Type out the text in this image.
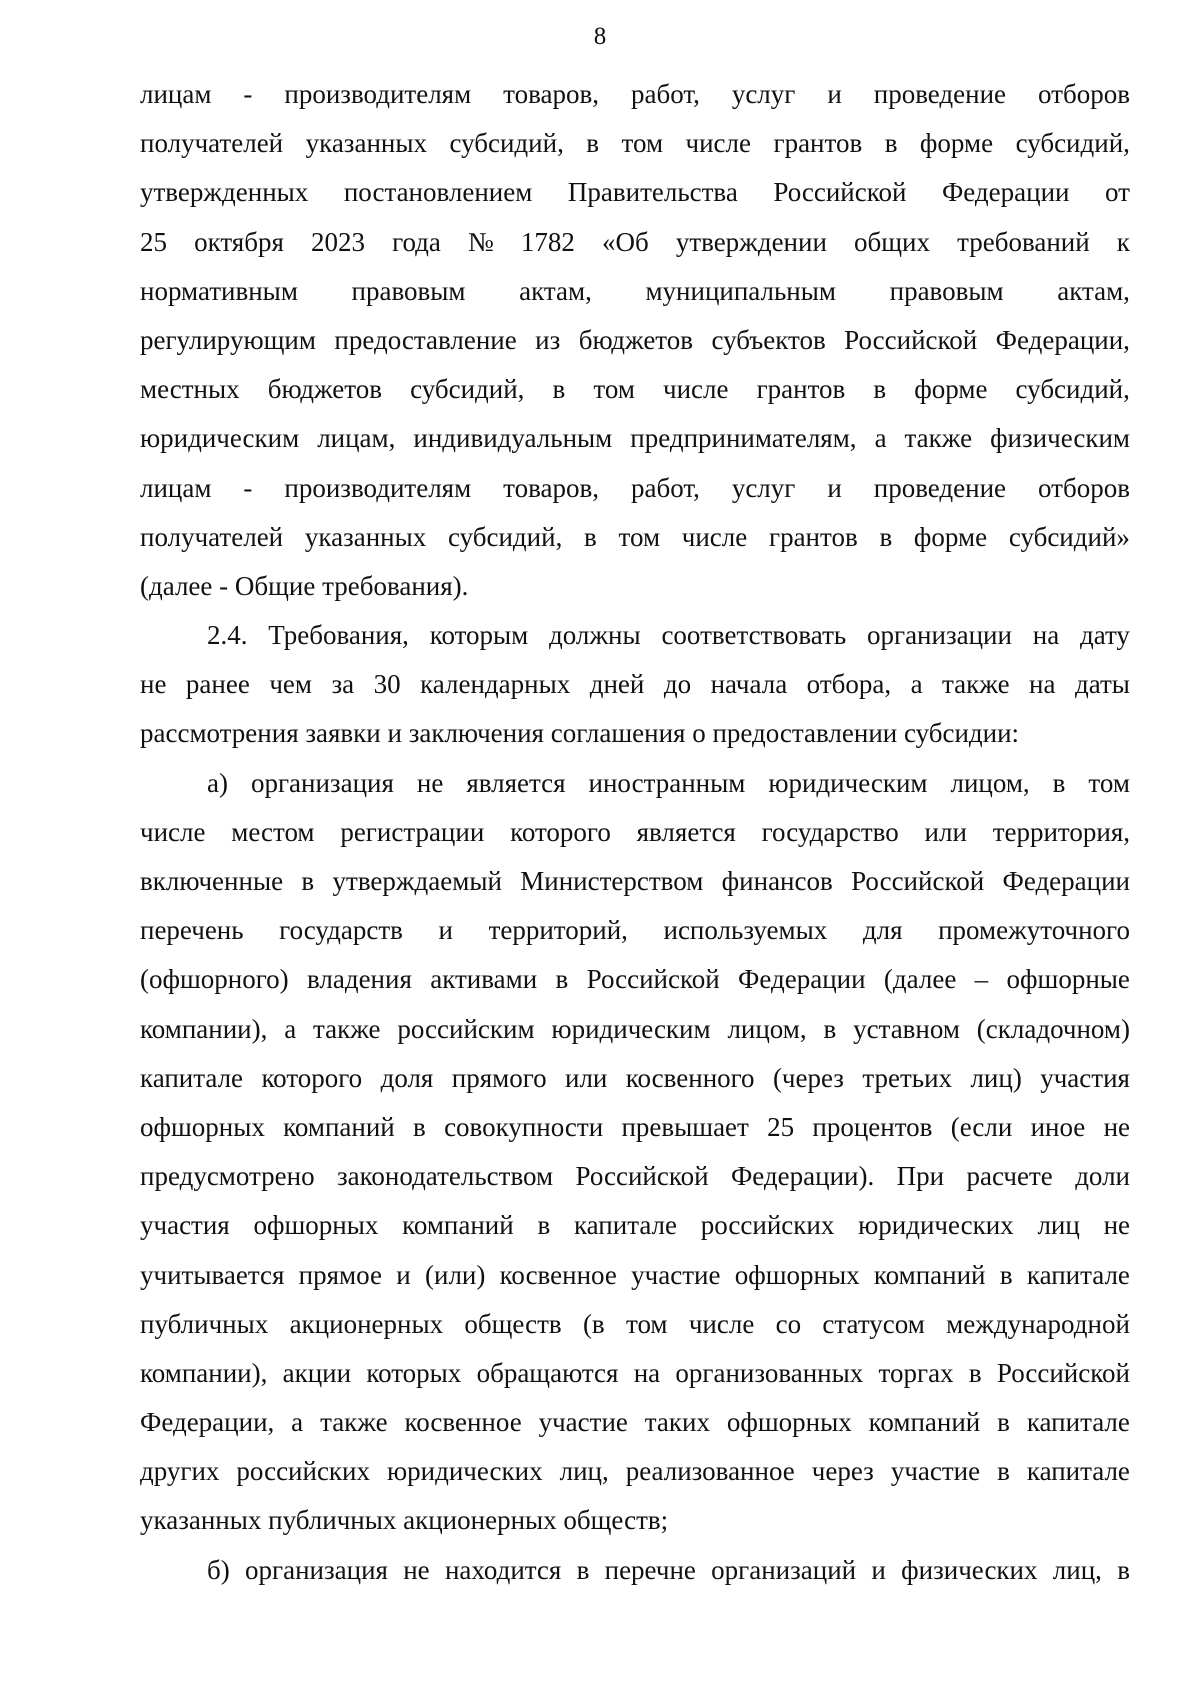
8
лицам - производителям товаров, работ, услуг и проведение отборов
получателей указанных субсидий, в том числе грантов в форме субсидий,
утвержденных постановлением Правительства Российской Федерации от
25 октября 2023 года № 1782 «Об утверждении общих требований к
нормативным правовым актам, муниципальным правовым актам,
регулирующим предоставление из бюджетов субъектов Российской Федерации,
местных бюджетов субсидий, в том числе грантов в форме субсидий,
юридическим лицам, индивидуальным предпринимателям, а также физическим
лицам - производителям товаров, работ, услуг и проведение отборов
получателей указанных субсидий, в том числе грантов в форме субсидий»
(далее - Общие требования).
2.4. Требования, которым должны соответствовать организации на дату
не ранее чем за 30 календарных дней до начала отбора, а также на даты
рассмотрения заявки и заключения соглашения о предоставлении субсидии:
а) организация не является иностранным юридическим лицом, в том
числе местом регистрации которого является государство или территория,
включенные в утверждаемый Министерством финансов Российской Федерации
перечень государств и территорий, используемых для промежуточного
(офшорного) владения активами в Российской Федерации (далее – офшорные
компании), а также российским юридическим лицом, в уставном (складочном)
капитале которого доля прямого или косвенного (через третьих лиц) участия
офшорных компаний в совокупности превышает 25 процентов (если иное не
предусмотрено законодательством Российской Федерации). При расчете доли
участия офшорных компаний в капитале российских юридических лиц не
учитывается прямое и (или) косвенное участие офшорных компаний в капитале
публичных акционерных обществ (в том числе со статусом международной
компании), акции которых обращаются на организованных торгах в Российской
Федерации, а также косвенное участие таких офшорных компаний в капитале
других российских юридических лиц, реализованное через участие в капитале
указанных публичных акционерных обществ;
б) организация не находится в перечне организаций и физических лиц, в
